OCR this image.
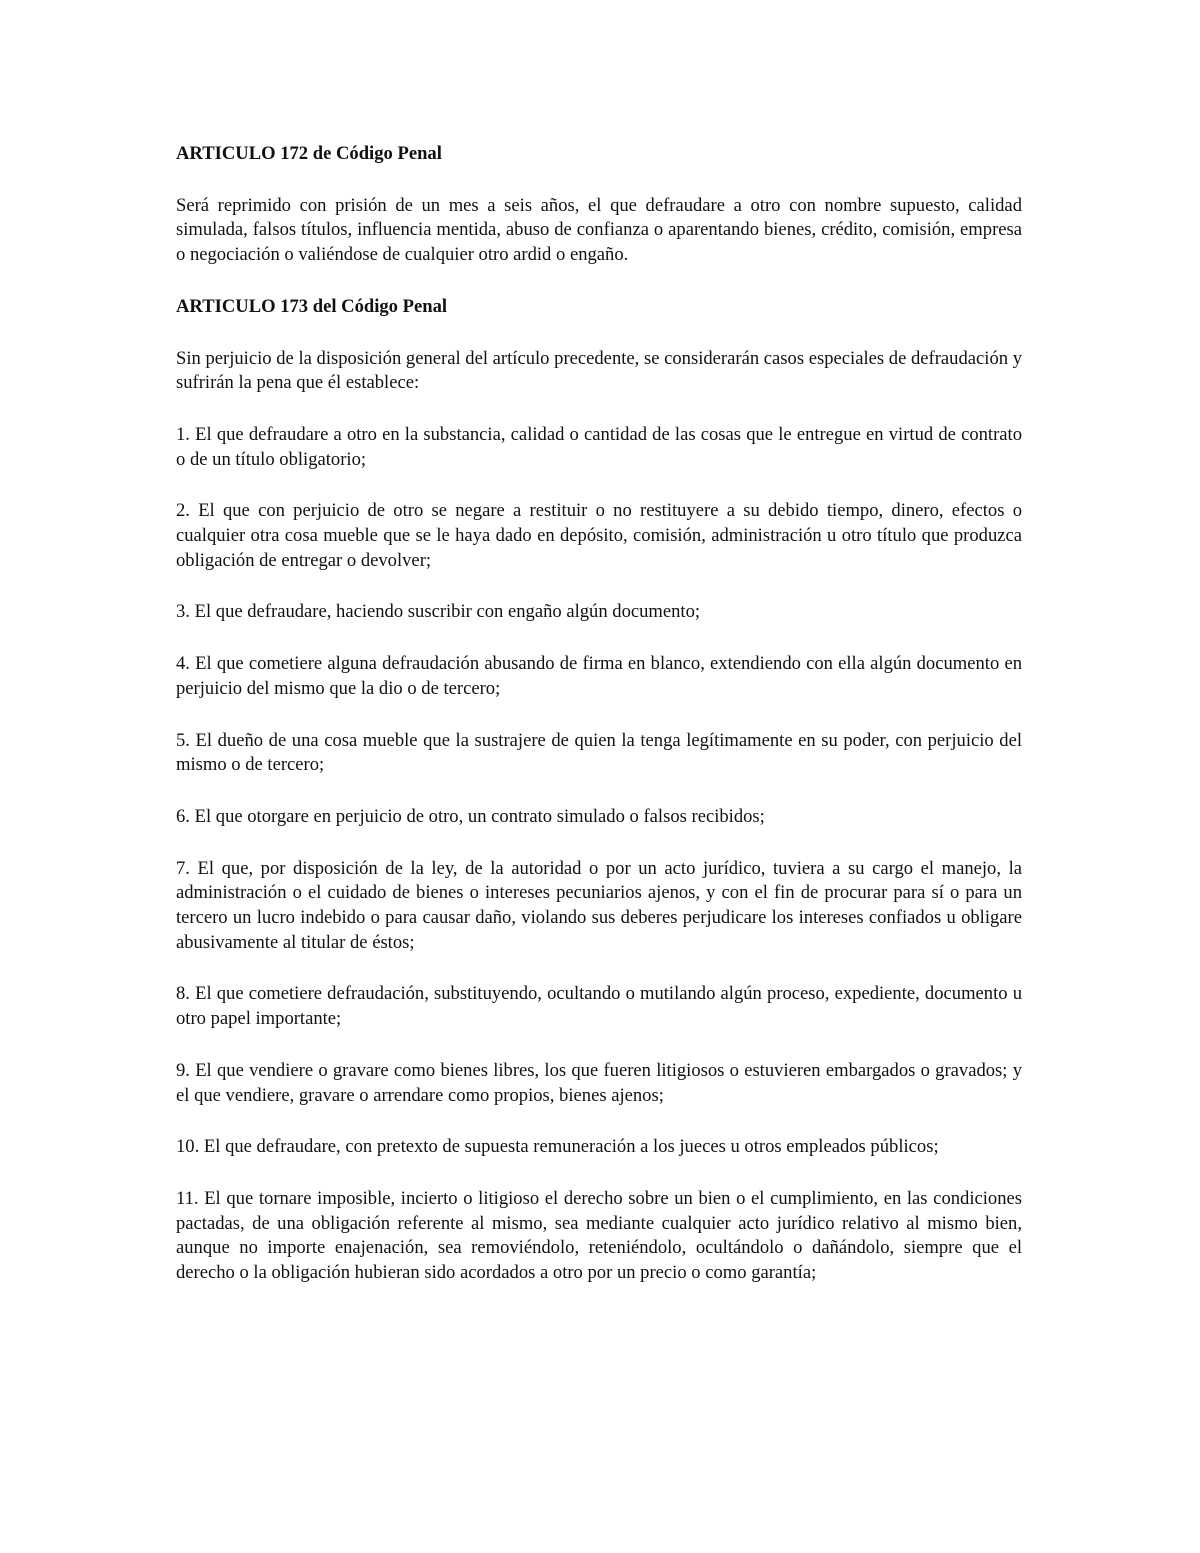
ARTICULO 172 de Código Penal
Será reprimido con prisión de un mes a seis años, el que defraudare a otro con nombre supuesto, calidad simulada, falsos títulos, influencia mentida, abuso de confianza o aparentando bienes, crédito, comisión, empresa o negociación o valiéndose de cualquier otro ardid o engaño.
ARTICULO 173 del Código Penal
Sin perjuicio de la disposición general del artículo precedente, se considerarán casos especiales de defraudación y sufrirán la pena que él establece:
1. El que defraudare a otro en la substancia, calidad o cantidad de las cosas que le entregue en virtud de contrato o de un título obligatorio;
2. El que con perjuicio de otro se negare a restituir o no restituyere a su debido tiempo, dinero, efectos o cualquier otra cosa mueble que se le haya dado en depósito, comisión, administración u otro título que produzca obligación de entregar o devolver;
3. El que defraudare, haciendo suscribir con engaño algún documento;
4. El que cometiere alguna defraudación abusando de firma en blanco, extendiendo con ella algún documento en perjuicio del mismo que la dio o de tercero;
5. El dueño de una cosa mueble que la sustrajere de quien la tenga legítimamente en su poder, con perjuicio del mismo o de tercero;
6. El que otorgare en perjuicio de otro, un contrato simulado o falsos recibidos;
7. El que, por disposición de la ley, de la autoridad o por un acto jurídico, tuviera a su cargo el manejo, la administración o el cuidado de bienes o intereses pecuniarios ajenos, y con el fin de procurar para sí o para un tercero un lucro indebido o para causar daño, violando sus deberes perjudicare los intereses confiados u obligare abusivamente al titular de éstos;
8. El que cometiere defraudación, substituyendo, ocultando o mutilando algún proceso, expediente, documento u otro papel importante;
9. El que vendiere o gravare como bienes libres, los que fueren litigiosos o estuvieren embargados o gravados; y el que vendiere, gravare o arrendare como propios, bienes ajenos;
10. El que defraudare, con pretexto de supuesta remuneración a los jueces u otros empleados públicos;
11. El que tornare imposible, incierto o litigioso el derecho sobre un bien o el cumplimiento, en las condiciones pactadas, de una obligación referente al mismo, sea mediante cualquier acto jurídico relativo al mismo bien, aunque no importe enajenación, sea removiéndolo, reteniéndolo, ocultándolo o dañándolo, siempre que el derecho o la obligación hubieran sido acordados a otro por un precio o como garantía;
